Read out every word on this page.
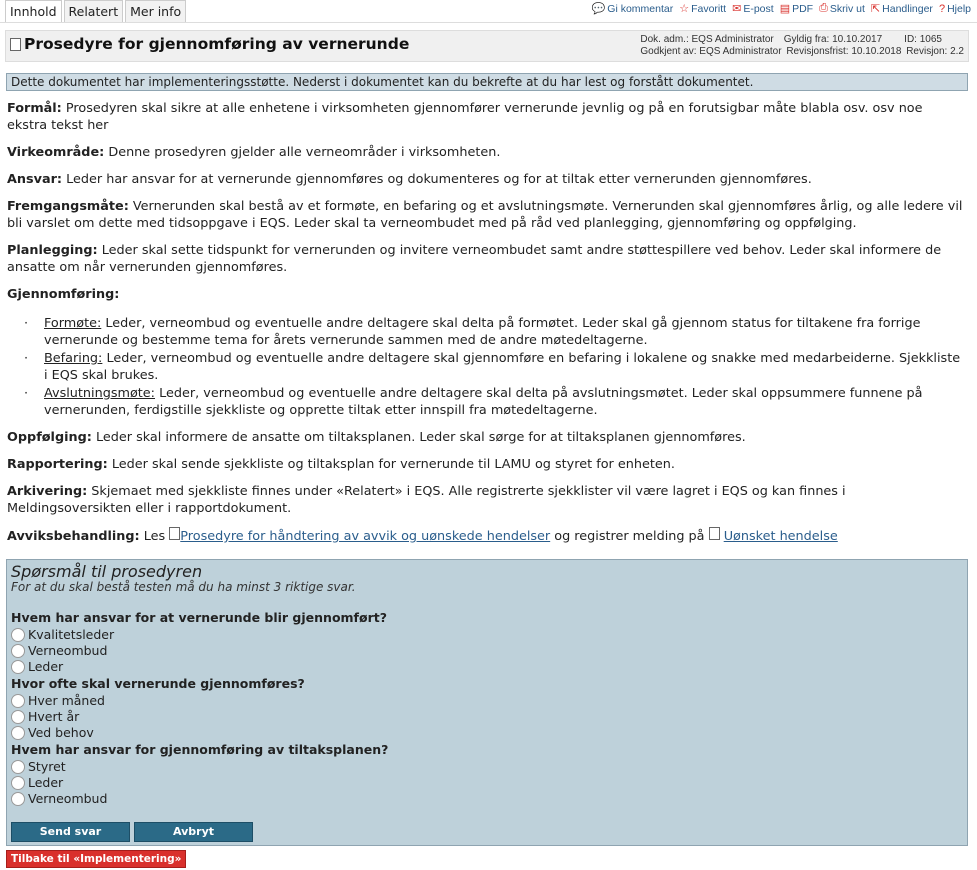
Innhold Relatert Mer info	💬 Gi kommentar ☆ Favoritt ✉ E-post ▤ PDF ⎙ Skriv ut ⇱ Handlinger ? Hjelp
Prosedyre for gjennomføring av vernerunde	Dok. adm.: EQS Administrator Gyldig fra: 10.10.2017 ID: 1065
Godkjent av: EQS Administrator Revisjonsfrist: 10.10.2018 Revisjon: 2.2
Dette dokumentet har implementeringsstøtte. Nederst i dokumentet kan du bekrefte at du har lest og forstått dokumentet.

Formål: Prosedyren skal sikre at alle enhetene i virksomheten gjennomfører vernerunde jevnlig og på en forutsigbar måte blabla osv. osv noe ekstra tekst her

Virkeområde: Denne prosedyren gjelder alle verneområder i virksomheten.

Ansvar: Leder har ansvar for at vernerunde gjennomføres og dokumenteres og for at tiltak etter vernerunden gjennomføres.

Fremgangsmåte: Vernerunden skal bestå av et formøte, en befaring og et avslutningsmøte. Vernerunden skal gjennomføres årlig, og alle ledere vil bli varslet om dette med tidsoppgave i EQS. Leder skal ta verneombudet med på råd ved planlegging, gjennomføring og oppfølging.

Planlegging: Leder skal sette tidspunkt for vernerunden og invitere verneombudet samt andre støttespillere ved behov. Leder skal informere de ansatte om når vernerunden gjennomføres.

Gjennomføring:

· Formøte: Leder, verneombud og eventuelle andre deltagere skal delta på formøtet. Leder skal gå gjennom status for tiltakene fra forrige vernerunde og bestemme tema for årets vernerunde sammen med de andre møtedeltagerne.
· Befaring: Leder, verneombud og eventuelle andre deltagere skal gjennomføre en befaring i lokalene og snakke med medarbeiderne. Sjekkliste i EQS skal brukes.
· Avslutningsmøte: Leder, verneombud og eventuelle andre deltagere skal delta på avslutningsmøtet. Leder skal oppsummere funnene på vernerunden, ferdigstille sjekkliste og opprette tiltak etter innspill fra møtedeltagerne.

Oppfølging: Leder skal informere de ansatte om tiltaksplanen. Leder skal sørge for at tiltaksplanen gjennomføres.

Rapportering: Leder skal sende sjekkliste og tiltaksplan for vernerunde til LAMU og styret for enheten.

Arkivering: Skjemaet med sjekkliste finnes under «Relatert» i EQS. Alle registrerte sjekklister vil være lagret i EQS og kan finnes i Meldingsoversikten eller i rapportdokument.

Avviksbehandling: Les Prosedyre for håndtering av avvik og uønskede hendelser og registrer melding på Uønsket hendelse

Spørsmål til prosedyren
For at du skal bestå testen må du ha minst 3 riktige svar.
Hvem har ansvar for at vernerunde blir gjennomført?
Kvalitetsleder
Verneombud
Leder
Hvor ofte skal vernerunde gjennomføres?
Hver måned
Hvert år
Ved behov
Hvem har ansvar for gjennomføring av tiltaksplanen?
Styret
Leder
Verneombud
Send svar	Avbryt
Tilbake til «Implementering»
